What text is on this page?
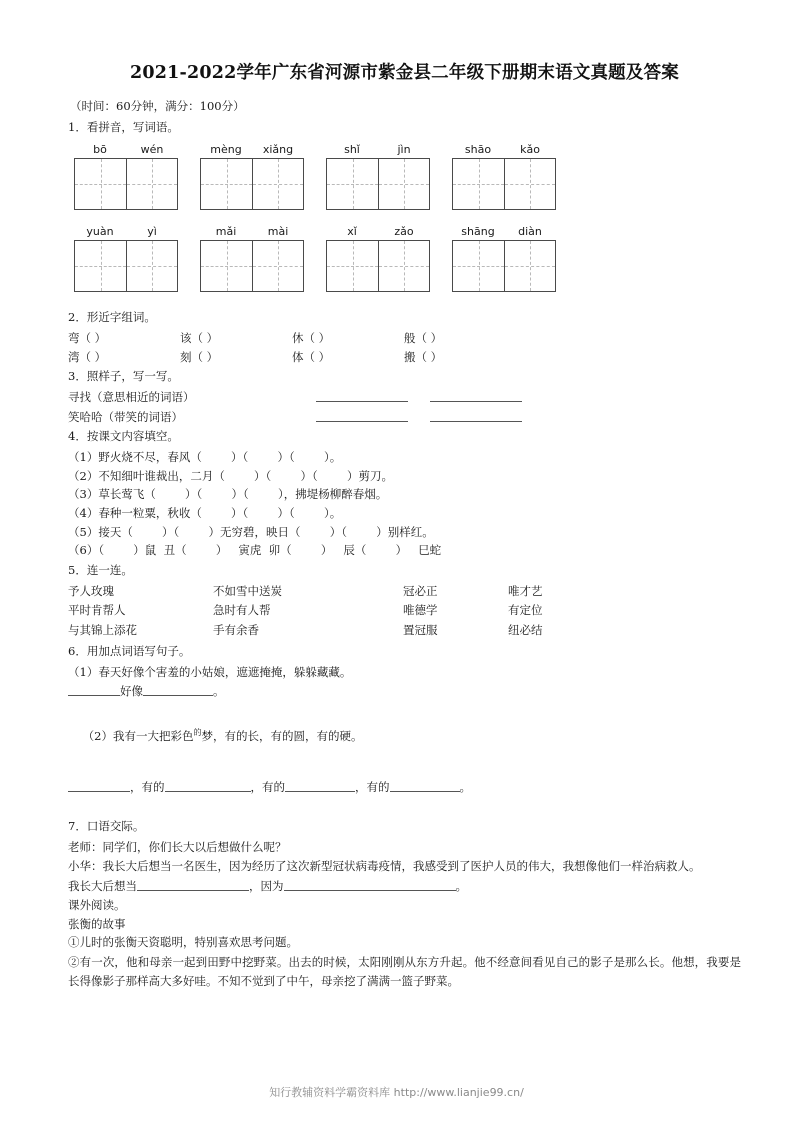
2021-2022学年广东省河源市紫金县二年级下册期末语文真题及答案
（时间：60分钟，满分：100分）
1．看拼音，写词语。
bō	wén	mèng	xiǎng	shǐ	jìn	shāo	kǎo
yuàn	yì	mǎi	mài	xǐ	zǎo	shāng	diàn
2．形近字组词。
弯（ ）	该（ ）	休（ ）	般（ ）
湾（ ）	刻（ ）	体（ ）	搬（ ）
3．照样子，写一写。
寻找（意思相近的词语）
笑哈哈（带笑的词语）
4．按课文内容填空。
（1）野火烧不尽，春风（        ）（        ）（        ）。
（2）不知细叶谁裁出，二月（        ）（        ）（        ）剪刀。
（3）草长莺飞（        ）（        ）（        ），拂堤杨柳醉春烟。
（4）春种一粒粟，秋收（        ）（        ）（        ）。
（5）接天（        ）（        ）无穷碧，映日（        ）（        ）别样红。
（6）（        ）鼠  丑（        ）   寅虎  卯（        ）   辰（        ）   巳蛇
5．连一连。
予人玫瑰	不如雪中送炭	冠必正	唯才艺
平时肯帮人	急时有人帮	唯德学	有定位
与其锦上添花	手有余香	置冠服	纽必结
6．用加点词语写句子。
（1）春天好像个害羞的小姑娘，遮遮掩掩，躲躲藏藏。
好像	。

（2）我有一大把彩色$^的$梦，有的长，有的圆，有的硬。

，有的	，有的	，有的	。
7．口语交际。
老师：同学们，你们长大以后想做什么呢？
小华：我长大后想当一名医生，因为经历了这次新型冠状病毒疫情，我感受到了医护人员的伟大，我想像他们一样治病救人。
我长大后想当	，因为	。
课外阅读。
张衡的故事
①儿时的张衡天资聪明，特别喜欢思考问题。
②有一次，他和母亲一起到田野中挖野菜。出去的时候，太阳刚刚从东方升起。他不经意间看见自己的影子是那么长。他想，我要是长得像影子那样高大多好哇。不知不觉到了中午，母亲挖了满满一篮子野菜。
知行教辅资料学霸资料库 http://www.lianjie99.cn/
